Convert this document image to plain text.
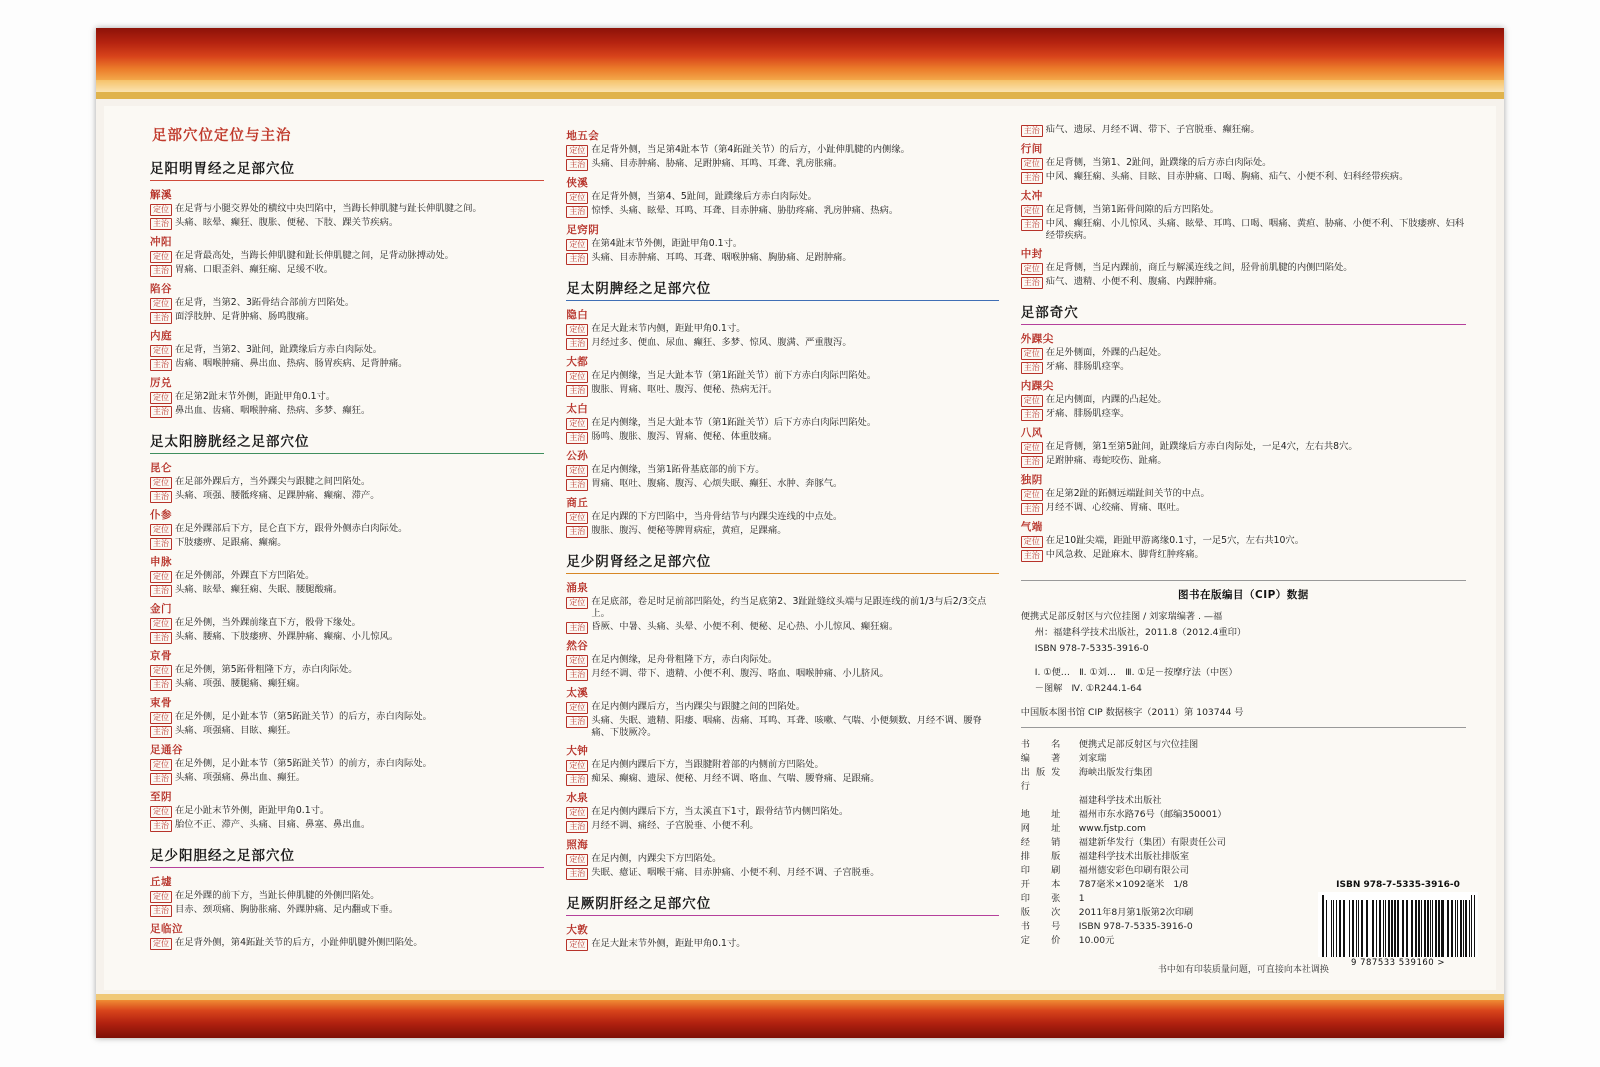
足部穴位定位与主治
足阳明胃经之足部穴位
解溪
定位 在足背与小腿交界处的横纹中央凹陷中，当踇长伸肌腱与趾长伸肌腱之间。
主治 头痛、眩晕、癫狂、腹胀、便秘、下肢、踝关节疾病。
冲阳
定位 在足背最高处，当踇长伸肌腱和趾长伸肌腱之间，足背动脉搏动处。
主治 胃痛、口眼歪斜、癫狂痫、足缓不收。
陷谷
定位 在足背，当第2、3跖骨结合部前方凹陷处。
主治 面浮肢肿、足背肿痛、肠鸣腹痛。
内庭
定位 在足背，当第2、3趾间，趾蹼缘后方赤白肉际处。
主治 齿痛、咽喉肿痛、鼻出血、热病、肠胃疾病、足背肿痛。
厉兑
定位 在足第2趾末节外侧，距趾甲角0.1寸。
主治 鼻出血、齿痛、咽喉肿痛、热病、多梦、癫狂。
足太阳膀胱经之足部穴位
昆仑
定位 在足部外踝后方，当外踝尖与跟腱之间凹陷处。
主治 头痛、项强、腰骶疼痛、足踝肿痛、癫痫、滞产。
仆参
定位 在足外踝部后下方，昆仑直下方，跟骨外侧赤白肉际处。
主治 下肢痿痹、足跟痛、癫痫。
申脉
定位 在足外侧部，外踝直下方凹陷处。
主治 头痛、眩晕、癫狂痫、失眠、腰腿酸痛。
金门
定位 在足外侧，当外踝前缘直下方，骰骨下缘处。
主治 头痛、腰痛、下肢痿痹、外踝肿痛、癫痫、小儿惊风。
京骨
定位 在足外侧，第5跖骨粗隆下方，赤白肉际处。
主治 头痛、项强、腰腿痛、癫狂痫。
束骨
定位 在足外侧，足小趾本节（第5跖趾关节）的后方，赤白肉际处。
主治 头痛、项强痛、目眩、癫狂。
足通谷
定位 在足外侧，足小趾本节（第5跖趾关节）的前方，赤白肉际处。
主治 头痛、项强痛、鼻出血、癫狂。
至阴
定位 在足小趾末节外侧，距趾甲角0.1寸。
主治 胎位不正、滞产、头痛、目痛、鼻塞、鼻出血。
足少阳胆经之足部穴位
丘墟
定位 在足外踝的前下方，当趾长伸肌腱的外侧凹陷处。
主治 目赤、颈项痛、胸胁胀痛、外踝肿痛、足内翻或下垂。
足临泣
定位 在足背外侧，第4跖趾关节的后方，小趾伸肌腱外侧凹陷处。
地五会
定位 在足背外侧，当足第4趾本节（第4跖趾关节）的后方，小趾伸肌腱的内侧缘。
主治 头痛、目赤肿痛、胁痛、足跗肿痛、耳鸣、耳聋、乳房胀痛。
侠溪
定位 在足背外侧，当第4、5趾间，趾蹼缘后方赤白肉际处。
主治 惊悸、头痛、眩晕、耳鸣、耳聋、目赤肿痛、胁肋疼痛、乳房肿痛、热病。
足窍阴
定位 在第4趾末节外侧，距趾甲角0.1寸。
主治 头痛、目赤肿痛、耳鸣、耳聋、咽喉肿痛、胸胁痛、足跗肿痛。
足太阴脾经之足部穴位
隐白
定位 在足大趾末节内侧，距趾甲角0.1寸。
主治 月经过多、便血、尿血、癫狂、多梦、惊风、腹满、严重腹泻。
大都
定位 在足内侧缘，当足大趾本节（第1跖趾关节）前下方赤白肉际凹陷处。
主治 腹胀、胃痛、呕吐、腹泻、便秘、热病无汗。
太白
定位 在足内侧缘，当足大趾本节（第1跖趾关节）后下方赤白肉际凹陷处。
主治 肠鸣、腹胀、腹泻、胃痛、便秘、体重肢痛。
公孙
定位 在足内侧缘，当第1跖骨基底部的前下方。
主治 胃痛、呕吐、腹痛、腹泻、心烦失眠、癫狂、水肿、奔豚气。
商丘
定位 在足内踝的下方凹陷中，当舟骨结节与内踝尖连线的中点处。
主治 腹胀、腹泻、便秘等脾胃病症，黄疸，足踝痛。
足少阴肾经之足部穴位
涌泉
定位 在足底部，卷足时足前部凹陷处，约当足底第2、3趾趾缝纹头端与足跟连线的前1/3与后2/3交点上。
主治 昏厥、中暑、头痛、头晕、小便不利、便秘、足心热、小儿惊风、癫狂痫。
然谷
定位 在足内侧缘，足舟骨粗隆下方，赤白肉际处。
主治 月经不调、带下、遗精、小便不利、腹泻、咯血、咽喉肿痛、小儿脐风。
太溪
定位 在足内侧内踝后方，当内踝尖与跟腱之间的凹陷处。
主治 头痛、失眠、遗精、阳痿、咽痛、齿痛、耳鸣、耳聋、咳嗽、气喘、小便频数、月经不调、腰脊痛、下肢厥冷。
大钟
定位 在足内侧内踝后下方，当跟腱附着部的内侧前方凹陷处。
主治 痴呆、癫痫、遗尿、便秘、月经不调、咯血、气喘、腰脊痛、足跟痛。
水泉
定位 在足内侧内踝后下方，当太溪直下1寸，跟骨结节内侧凹陷处。
主治 月经不调、痛经、子宫脱垂、小便不利。
照海
定位 在足内侧，内踝尖下方凹陷处。
主治 失眠、癔证、咽喉干痛、目赤肿痛、小便不利、月经不调、子宫脱垂。
足厥阴肝经之足部穴位
大敦
定位 在足大趾末节外侧，距趾甲角0.1寸。
主治 疝气、遗尿、月经不调、带下、子宫脱垂、癫狂痫。
行间
定位 在足背侧，当第1、2趾间，趾蹼缘的后方赤白肉际处。
主治 中风、癫狂痫、头痛、目眩、目赤肿痛、口喝、胸痛、疝气、小便不利、妇科经带疾病。
太冲
定位 在足背侧，当第1跖骨间隙的后方凹陷处。
主治 中风、癫狂痫、小儿惊风、头痛、眩晕、耳鸣、口喝、咽痛、黄疸、胁痛、小便不利、下肢痿痹、妇科经带疾病。
中封
定位 在足背侧，当足内踝前，商丘与解溪连线之间，胫骨前肌腱的内侧凹陷处。
主治 疝气、遗精、小便不利、腹痛、内踝肿痛。
足部奇穴
外踝尖
定位 在足外侧面，外踝的凸起处。
主治 牙痛、腓肠肌痉挛。
内踝尖
定位 在足内侧面，内踝的凸起处。
主治 牙痛、腓肠肌痉挛。
八风
定位 在足背侧，第1至第5趾间，趾蹼缘后方赤白肉际处，一足4穴，左右共8穴。
主治 足跗肿痛、毒蛇咬伤、趾痛。
独阴
定位 在足第2趾的跖侧远端趾间关节的中点。
主治 月经不调、心绞痛、胃痛、呕吐。
气端
定位 在足10趾尖端，距趾甲游离缘0.1寸，一足5穴，左右共10穴。
主治 中风急救、足趾麻木、脚背红肿疼痛。
图书在版编目（CIP）数据

便携式足部反射区与穴位挂图 / 刘家瑞编著 . —福

州：福建科学技术出版社，2011.8（2012.4重印）

ISBN 978-7-5335-3916-0

Ⅰ. ①便…　Ⅱ. ①刘…　Ⅲ. ①足－按摩疗法（中医）

－图解　Ⅳ. ①R244.1-64

中国版本图书馆 CIP 数据核字（2011）第 103744 号

书　名	便携式足部反射区与穴位挂图
编　著	刘家瑞
出版发行
海峡出版发行集团
福建科学技术出版社
地　址	福州市东水路76号（邮编350001）
网　址	www.fjstp.com
经　销	福建新华发行（集团）有限责任公司
排　版	福建科学技术出版社排版室
印　刷	福州德安彩色印刷有限公司
开　本	787毫米×1092毫米　1/8
印　张	1
版　次	2011年8月第1版第2次印刷
书　号	ISBN 978-7-5335-3916-0
定　价	10.00元
书中如有印装质量问题，可直接向本社调换
ISBN 978-7-5335-3916-0
9 787533 539160 >
